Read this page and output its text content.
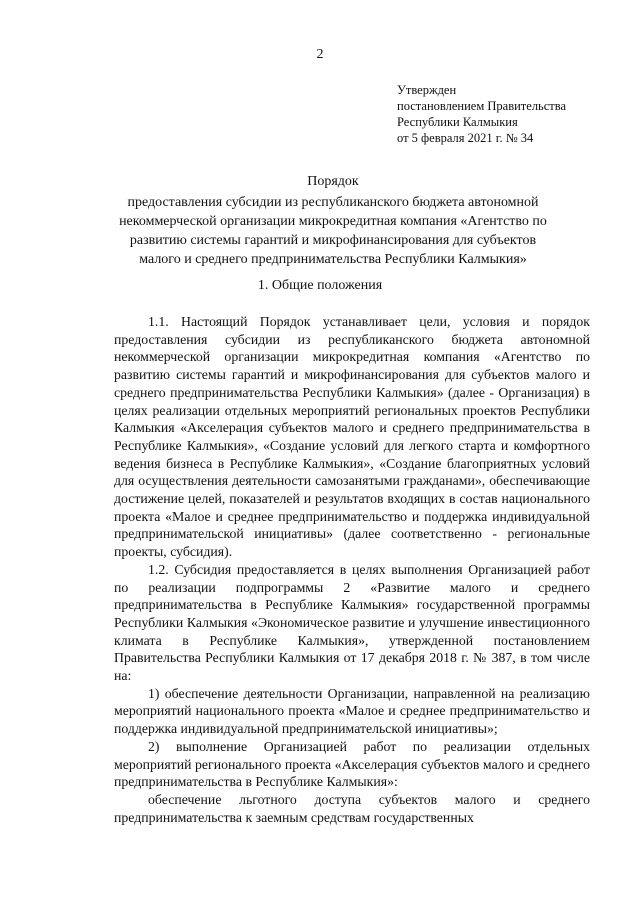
2
Утвержден
постановлением Правительства
Республики Калмыкия
от 5 февраля 2021 г. № 34
Порядок
предоставления субсидии из республиканского бюджета автономной некоммерческой организации микрокредитная компания «Агентство по развитию системы гарантий и микрофинансирования для субъектов малого и среднего предпринимательства Республики Калмыкия»
1. Общие положения

1.1. Настоящий Порядок устанавливает цели, условия и порядок предоставления субсидии из республиканского бюджета автономной некоммерческой организации микрокредитная компания «Агентство по развитию системы гарантий и микрофинансирования для субъектов малого и среднего предпринимательства Республики Калмыкия» (далее - Организация) в целях реализации отдельных мероприятий региональных проектов Республики Калмыкия «Акселерация субъектов малого и среднего предпринимательства в Республике Калмыкия», «Создание условий для легкого старта и комфортного ведения бизнеса в Республике Калмыкия», «Создание благоприятных условий для осуществления деятельности самозанятыми гражданами», обеспечивающие достижение целей, показателей и результатов входящих в состав национального проекта «Малое и среднее предпринимательство и поддержка индивидуальной предпринимательской инициативы» (далее соответственно - региональные проекты, субсидия).

1.2. Субсидия предоставляется в целях выполнения Организацией работ по реализации подпрограммы 2 «Развитие малого и среднего предпринимательства в Республике Калмыкия» государственной программы Республики Калмыкия «Экономическое развитие и улучшение инвестиционного климата в Республике Калмыкия», утвержденной постановлением Правительства Республики Калмыкия от 17 декабря 2018 г. № 387, в том числе на:

1) обеспечение деятельности Организации, направленной на реализацию мероприятий национального проекта «Малое и среднее предпринимательство и поддержка индивидуальной предпринимательской инициативы»;

2) выполнение Организацией работ по реализации отдельных мероприятий регионального проекта «Акселерация субъектов малого и среднего предпринимательства в Республике Калмыкия»:

обеспечение льготного доступа субъектов малого и среднего предпринимательства к заемным средствам государственных
